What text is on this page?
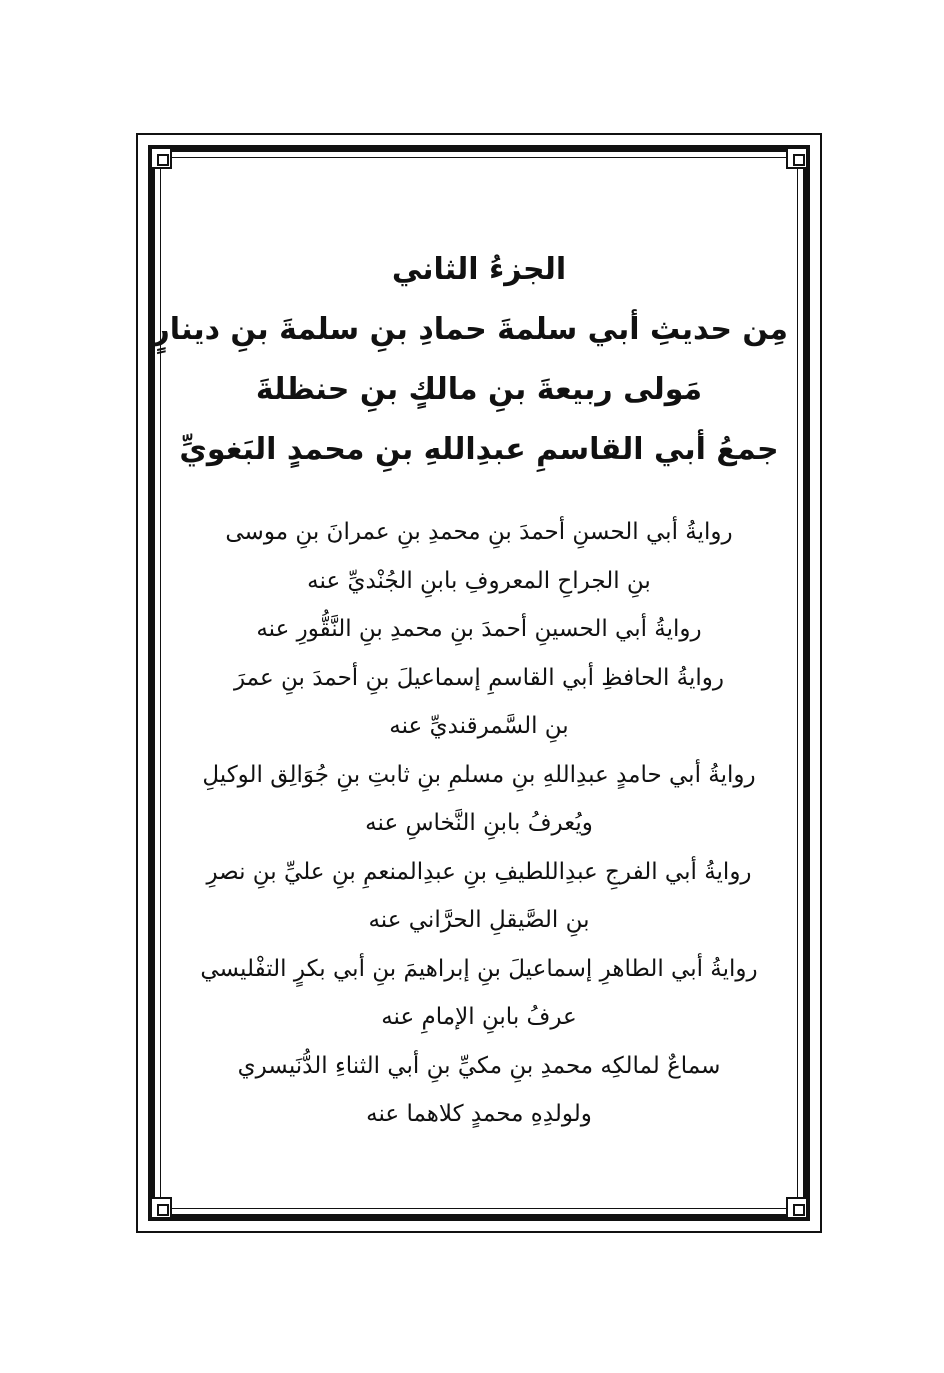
الجزءُ الثاني
مِن حديثِ أبي سلمةَ حمادِ بنِ سلمةَ بنِ دينارٍ
مَولى ربيعةَ بنِ مالكٍ بنِ حنظلةَ
جمعُ أبي القاسمِ عبدِاللهِ بنِ محمدٍ البَغويِّ
روايةُ أبي الحسنِ أحمدَ بنِ محمدِ بنِ عمرانَ بنِ موسى
بنِ الجراحِ المعروفِ بابنِ الجُنْديِّ عنه
روايةُ أبي الحسينِ أحمدَ بنِ محمدِ بنِ النَّقُّورِ عنه
روايةُ الحافظِ أبي القاسمِ إسماعيلَ بنِ أحمدَ بنِ عمرَ
بنِ السَّمرقنديِّ عنه
روايةُ أبي حامدٍ عبدِاللهِ بنِ مسلمِ بنِ ثابتِ بنِ جُوَالِق الوكيلِ
ويُعرفُ بابنِ النَّخاسِ عنه
روايةُ أبي الفرجِ عبدِاللطيفِ بنِ عبدِالمنعمِ بنِ عليِّ بنِ نصرِ
بنِ الصَّيقلِ الحرَّاني عنه
روايةُ أبي الطاهرِ إسماعيلَ بنِ إبراهيمَ بنِ أبي بكرٍ التفْليسي
عرفُ بابنِ الإمامِ عنه
سماعٌ لمالكِه محمدِ بنِ مكيِّ بنِ أبي الثناءِ الدُّنَيسري
ولولدِهِ محمدٍ كلاهما عنه
